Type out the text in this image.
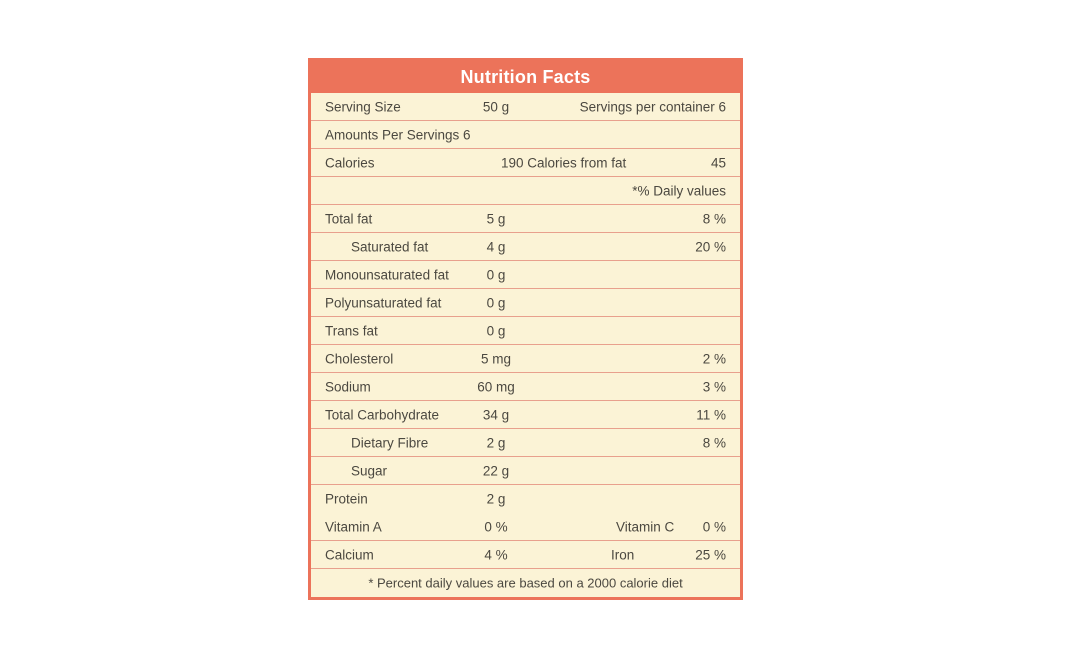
Nutrition Facts
Serving Size	50 g	Servings per container 6
Amounts Per Servings 6
Calories	190 Calories from fat	45
*% Daily values
Total fat	5 g	8 %
Saturated fat	4 g	20 %
Monounsaturated fat	0 g
Polyunsaturated fat	0 g
Trans fat	0 g
Cholesterol	5 mg	2 %
Sodium	60 mg	3 %
Total Carbohydrate	34 g	11 %
Dietary Fibre	2 g	8 %
Sugar	22 g
Protein	2 g
Vitamin A	0 %	Vitamin C 0 %
Calcium	4 %	Iron	25 %
* Percent daily values are based on a 2000 calorie diet
